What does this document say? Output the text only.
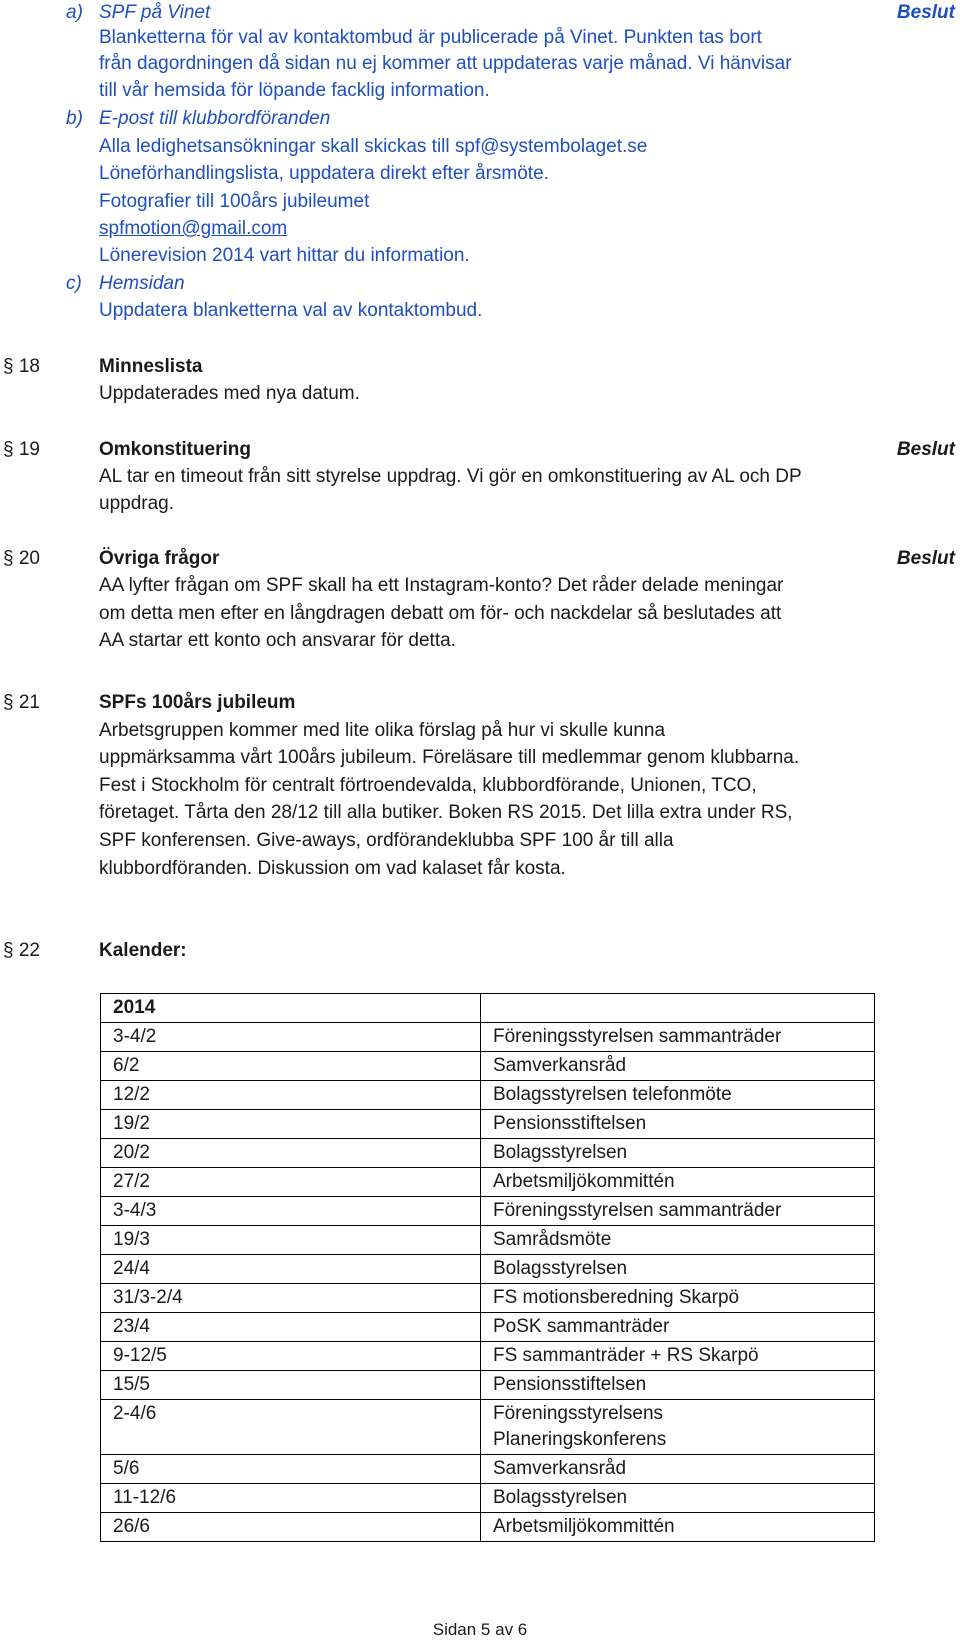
a) SPF på Vinet	Beslut
Blanketterna för val av kontaktombud är publicerade på Vinet. Punkten tas bort
från dagordningen då sidan nu ej kommer att uppdateras varje månad. Vi hänvisar
till vår hemsida för löpande facklig information.
b) E-post till klubbordföranden
Alla ledighetsansökningar skall skickas till spf@systembolaget.se
Löneförhandlingslista, uppdatera direkt efter årsmöte.
Fotografier till 100års jubileumet
spfmotion@gmail.com
Lönerevision 2014 vart hittar du information.
c) Hemsidan
Uppdatera blanketterna val av kontaktombud.
§ 18	Minneslista
Uppdaterades med nya datum.
§ 19	Omkonstituering	Beslut
AL tar en timeout från sitt styrelse uppdrag. Vi gör en omkonstituering av AL och DP
uppdrag.
§ 20	Övriga frågor	Beslut
AA lyfter frågan om SPF skall ha ett Instagram-konto? Det råder delade meningar
om detta men efter en långdragen debatt om för- och nackdelar så beslutades att
AA startar ett konto och ansvarar för detta.
§ 21	SPFs 100års jubileum
Arbetsgruppen kommer med lite olika förslag på hur vi skulle kunna
uppmärksamma vårt 100års jubileum. Föreläsare till medlemmar genom klubbarna.
Fest i Stockholm för centralt förtroendevalda, klubbordförande, Unionen, TCO,
företaget. Tårta den 28/12 till alla butiker. Boken RS 2015. Det lilla extra under RS,
SPF konferensen. Give-aways, ordförandeklubba SPF 100 år till alla
klubbordföranden. Diskussion om vad kalaset får kosta.
§ 22	Kalender:
2014	
3-4/2	Föreningsstyrelsen sammanträder
6/2	Samverkansråd
12/2	Bolagsstyrelsen telefonmöte
19/2	Pensionsstiftelsen
20/2	Bolagsstyrelsen
27/2	Arbetsmiljökommittén
3-4/3	Föreningsstyrelsen sammanträder
19/3	Samrådsmöte
24/4	Bolagsstyrelsen
31/3-2/4	FS motionsberedning Skarpö
23/4	PoSK sammanträder
9-12/5	FS sammanträder + RS Skarpö
15/5	Pensionsstiftelsen
2-4/6	Föreningsstyrelsens
Planeringskonferens
5/6	Samverkansråd
11-12/6	Bolagsstyrelsen
26/6	Arbetsmiljökommittén
Sidan 5 av 6
